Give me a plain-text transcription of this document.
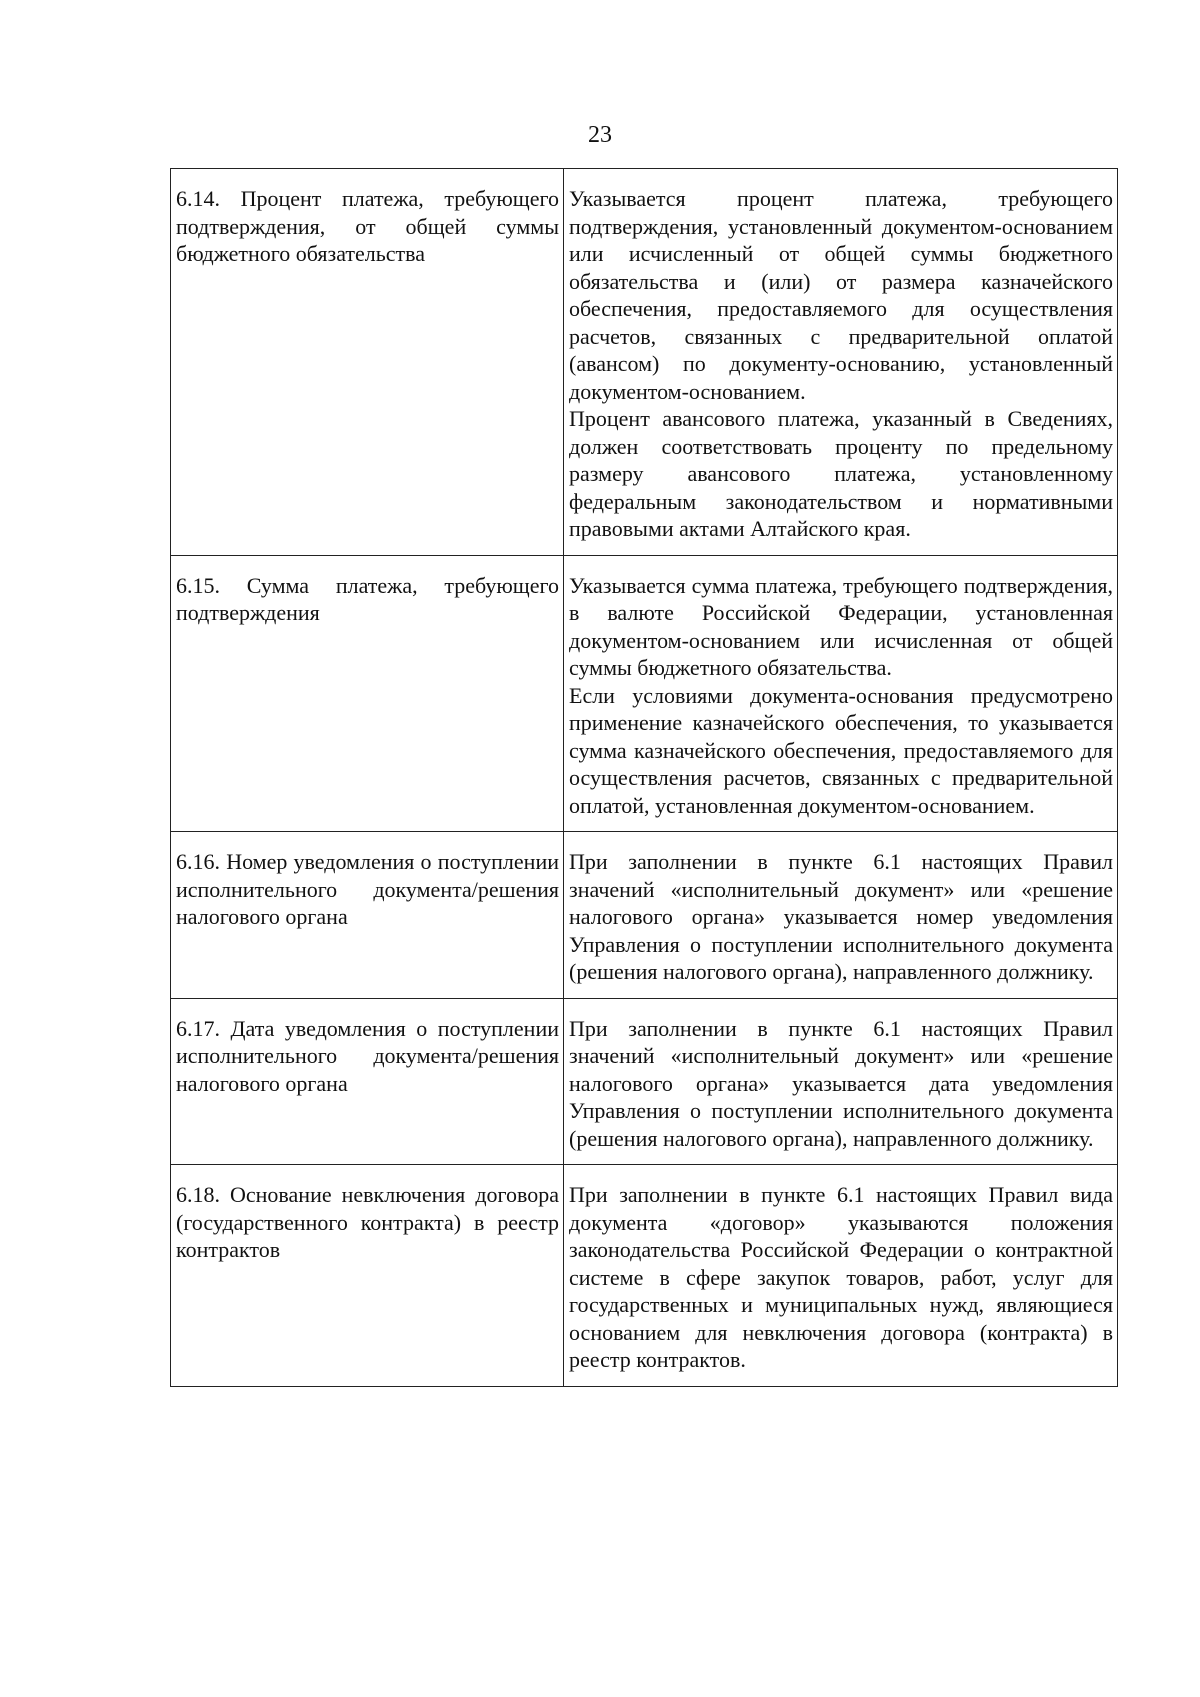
23
6.14. Процент платежа, требующего подтверждения, от общей суммы бюджетного обязательства	Указывается процент платежа, требующего подтверждения, установленный документом-основанием или исчисленный от общей суммы бюджетного обязательства и (или) от размера казначейского обеспечения, предоставляемого для осуществления расчетов, связанных с предварительной оплатой (авансом) по документу-основанию, установленный документом-основанием.
Процент авансового платежа, указанный в Сведениях, должен соответствовать проценту по предельному размеру авансового платежа, установленному федеральным законодательством и нормативными правовыми актами Алтайского края.

6.15. Сумма платежа, требующего подтверждения	Указывается сумма платежа, требующего подтверждения, в валюте Российской Федерации, установленная документом-основанием или исчисленная от общей суммы бюджетного обязательства.
Если условиями документа-основания предусмотрено применение казначейского обеспечения, то указывается сумма казначейского обеспечения, предоставляемого для осуществления расчетов, связанных с предварительной оплатой, установленная документом-основанием.

6.16. Номер уведомления о поступлении исполнительного документа/решения налогового органа	При заполнении в пункте 6.1 настоящих Правил значений «исполнительный документ» или «решение налогового органа» указывается номер уведомления Управления о поступлении исполнительного документа (решения налогового органа), направленного должнику.

6.17. Дата уведомления о поступлении исполнительного документа/решения налогового органа	При заполнении в пункте 6.1 настоящих Правил значений «исполнительный документ» или «решение налогового органа» указывается дата уведомления Управления о поступлении исполнительного документа (решения налогового органа), направленного должнику.

6.18. Основание невключения договора (государственного контракта) в реестр контрактов	При заполнении в пункте 6.1 настоящих Правил вида документа «договор» указываются положения законодательства Российской Федерации о контрактной системе в сфере закупок товаров, работ, услуг для государственных и муниципальных нужд, являющиеся основанием для невключения договора (контракта) в реестр контрактов.
